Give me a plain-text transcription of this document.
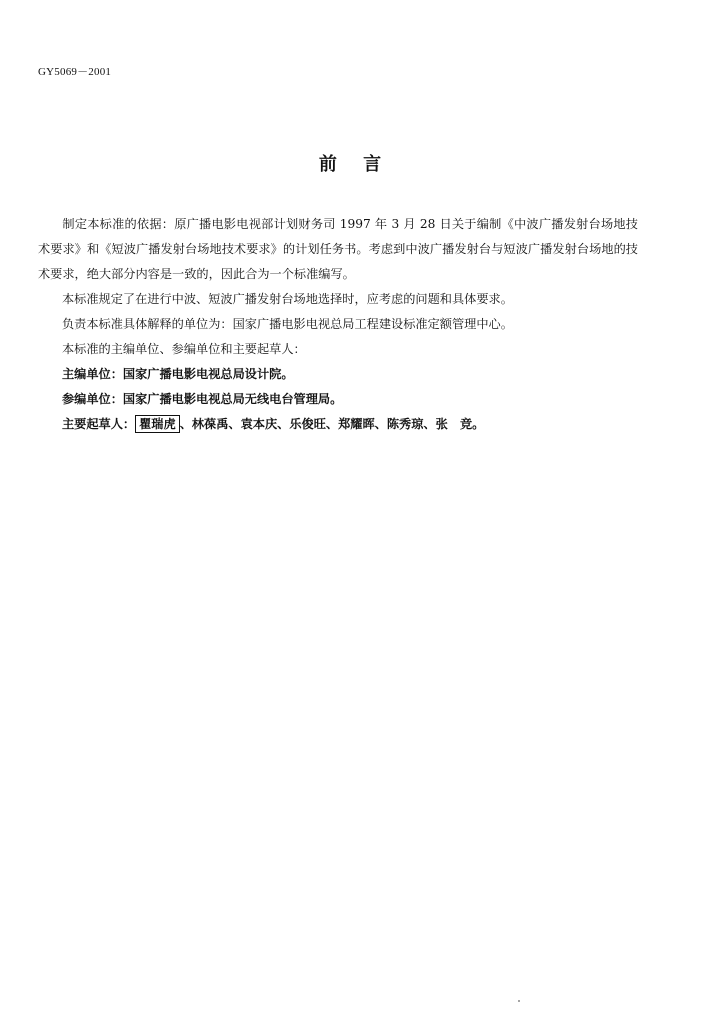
GY5069－2001
前 言

制定本标准的依据：原广播电影电视部计划财务司 1997 年 3 月 28 日关于编制《中波广播发射台场地技术要求》和《短波广播发射台场地技术要求》的计划任务书。考虑到中波广播发射台与短波广播发射台场地的技术要求，绝大部分内容是一致的，因此合为一个标准编写。

本标准规定了在进行中波、短波广播发射台场地选择时，应考虑的问题和具体要求。

负责本标准具体解释的单位为：国家广播电影电视总局工程建设标准定额管理中心。

本标准的主编单位、参编单位和主要起草人：

主编单位：国家广播电影电视总局设计院。

参编单位：国家广播电影电视总局无线电台管理局。

主要起草人： 瞿瑞虎 、林葆禹、袁本庆、乐俊旺、郑耀晖、陈秀琼、张　竞。
